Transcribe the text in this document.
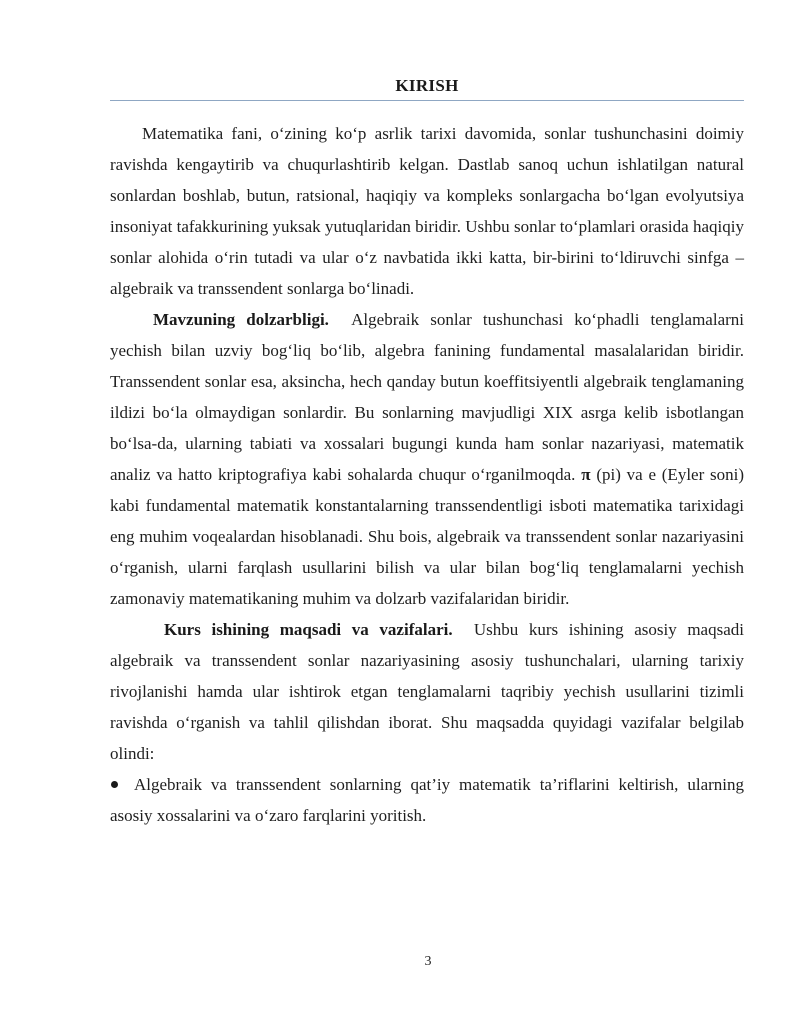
KIRISH

Matematika fani, o‘zining ko‘p asrlik tarixi davomida, sonlar tushunchasini doimiy ravishda kengaytirib va chuqurlashtirib kelgan. Dastlab sanoq uchun ishlatilgan natural sonlardan boshlab, butun, ratsional, haqiqiy va kompleks sonlargacha bo‘lgan evolyutsiya insoniyat tafakkurining yuksak yutuqlaridan biridir. Ushbu sonlar to‘plamlari orasida haqiqiy sonlar alohida o‘rin tutadi va ular o‘z navbatida ikki katta, bir-birini to‘ldiruvchi sinfga – algebraik va transsendent sonlarga bo‘linadi.

Mavzuning dolzarbligi. Algebraik sonlar tushunchasi ko‘phadli tenglamalarni yechish bilan uzviy bog‘liq bo‘lib, algebra fanining fundamental masalalaridan biridir. Transsendent sonlar esa, aksincha, hech qanday butun koeffitsiyentli algebraik tenglamaning ildizi bo‘la olmaydigan sonlardir. Bu sonlarning mavjudligi XIX asrga kelib isbotlangan bo‘lsa-da, ularning tabiati va xossalari bugungi kunda ham sonlar nazariyasi, matematik analiz va hatto kriptografiya kabi sohalarda chuqur o‘rganilmoqda. π (pi) va e (Eyler soni) kabi fundamental matematik konstantalarning transsendentligi isboti matematika tarixidagi eng muhim voqealardan hisoblanadi. Shu bois, algebraik va transsendent sonlar nazariyasini o‘rganish, ularni farqlash usullarini bilish va ular bilan bog‘liq tenglamalarni yechish zamonaviy matematikaning muhim va dolzarb vazifalaridan biridir.

Kurs ishining maqsadi va vazifalari. Ushbu kurs ishining asosiy maqsadi algebraik va transsendent sonlar nazariyasining asosiy tushunchalari, ularning tarixiy rivojlanishi hamda ular ishtirok etgan tenglamalarni taqribiy yechish usullarini tizimli ravishda o‘rganish va tahlil qilishdan iborat. Shu maqsadda quyidagi vazifalar belgilab olindi:

Algebraik va transsendent sonlarning qat’iy matematik ta’riflarini keltirish, ularning asosiy xossalarini va o‘zaro farqlarini yoritish.

3
